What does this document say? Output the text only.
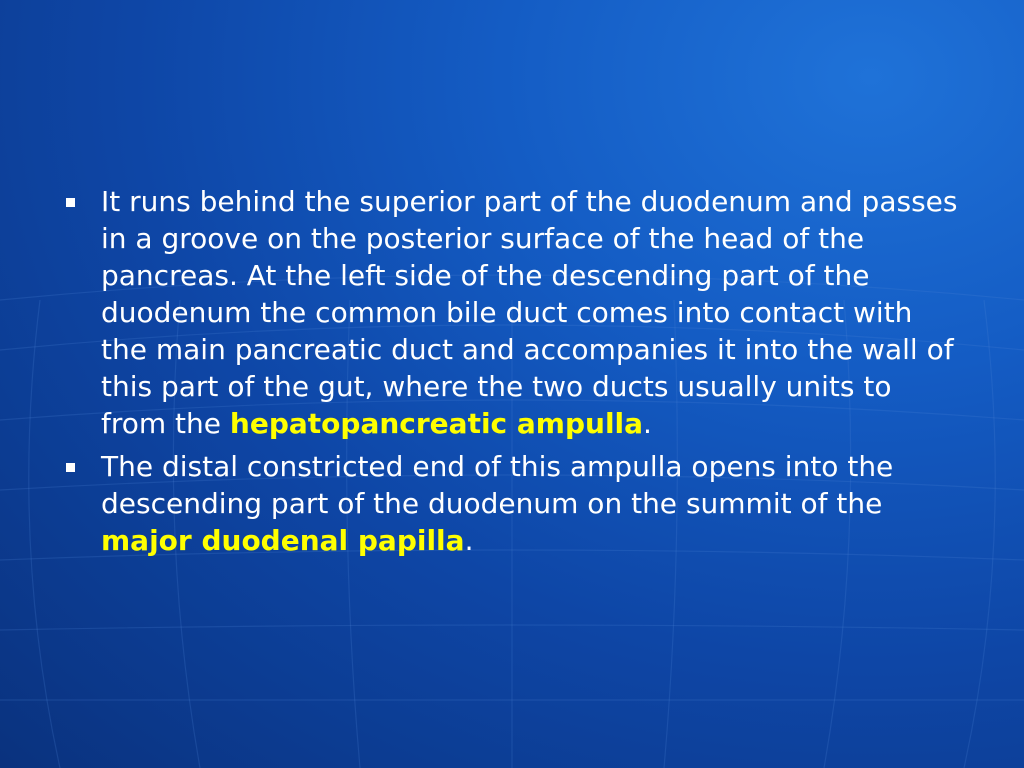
It runs behind the superior part of the duodenum and passes in a groove on the posterior surface of the head of the pancreas. At the left side of the descending part of the duodenum the common bile duct comes into contact with the main pancreatic duct and accompanies it into the wall of this part of the gut, where the two ducts usually units to from the hepatopancreatic ampulla.
The distal constricted end of this ampulla opens into the descending part of the duodenum on the summit of the major duodenal papilla.
